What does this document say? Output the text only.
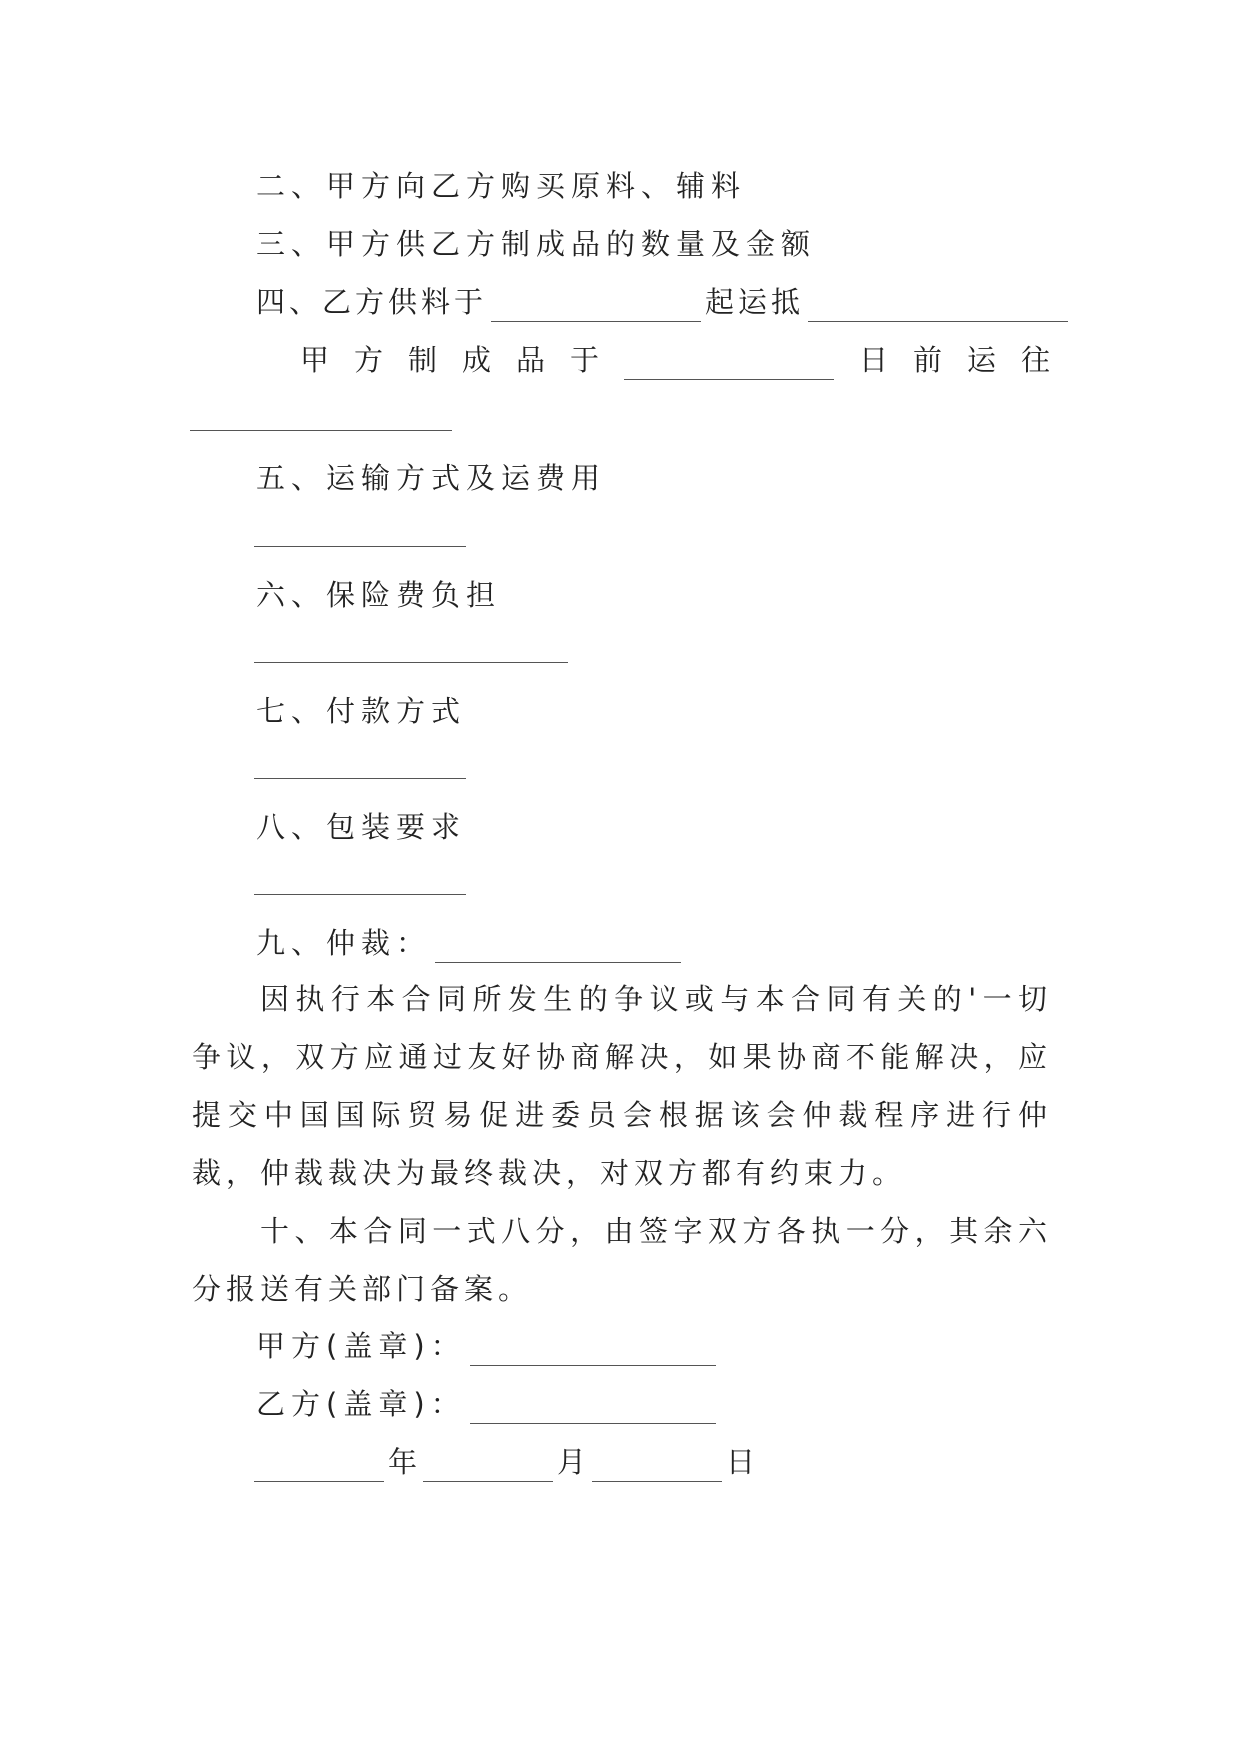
二、甲方向乙方购买原料、辅料
三、甲方供乙方制成品的数量及金额
四、乙方供料于	起运抵
甲 方 制 成 品 于	日 前 运 往
五、运输方式及运费用
六、保险费负担
七、付款方式
八、包装要求
九、仲裁：
因执行本合同所发生的争议或与本合同有关的'一切争议，双方应通过友好协商解决，如果协商不能解决，应提交中国国际贸易促进委员会根据该会仲裁程序进行仲裁，仲裁裁决为最终裁决，对双方都有约束力。
十、本合同一式八分，由签字双方各执一分，其余六分报送有关部门备案。
甲方(盖章)：
乙方(盖章)：
年	月	日
